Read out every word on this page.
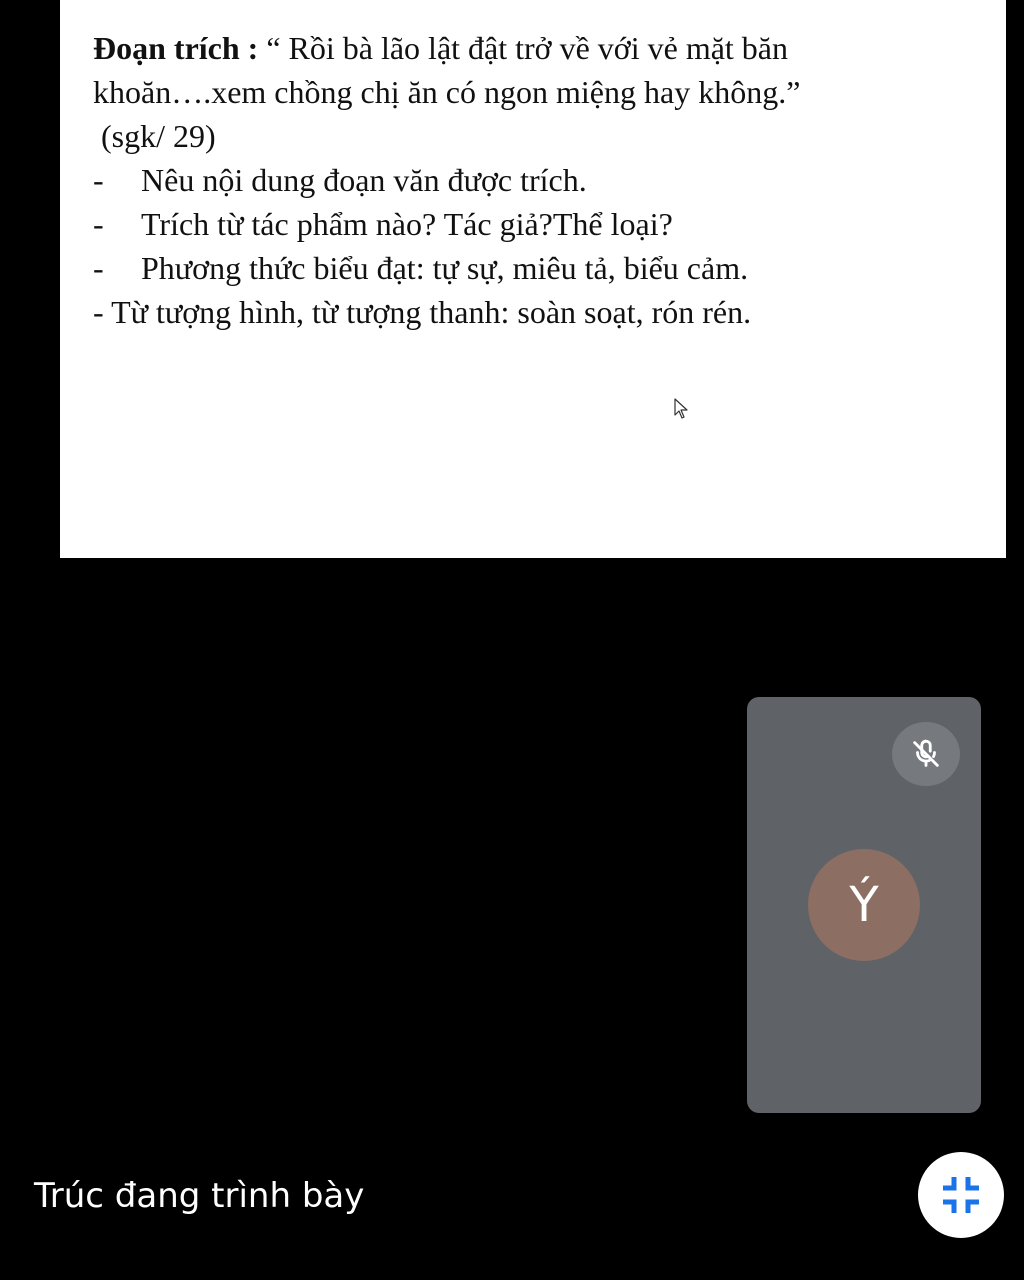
Đoạn trích : “ Rồi bà lão lật đật trở về với vẻ mặt băn
khoăn….xem chồng chị ăn có ngon miệng hay không.”
(sgk/ 29)
-	Nêu nội dung đoạn văn được trích.
-	Trích từ tác phẩm nào? Tác giả?Thể loại?
-	Phương thức biểu đạt: tự sự, miêu tả, biểu cảm.
- Từ tượng hình, từ tượng thanh: soàn soạt, rón rén.
Ý
Trúc đang trình bày
